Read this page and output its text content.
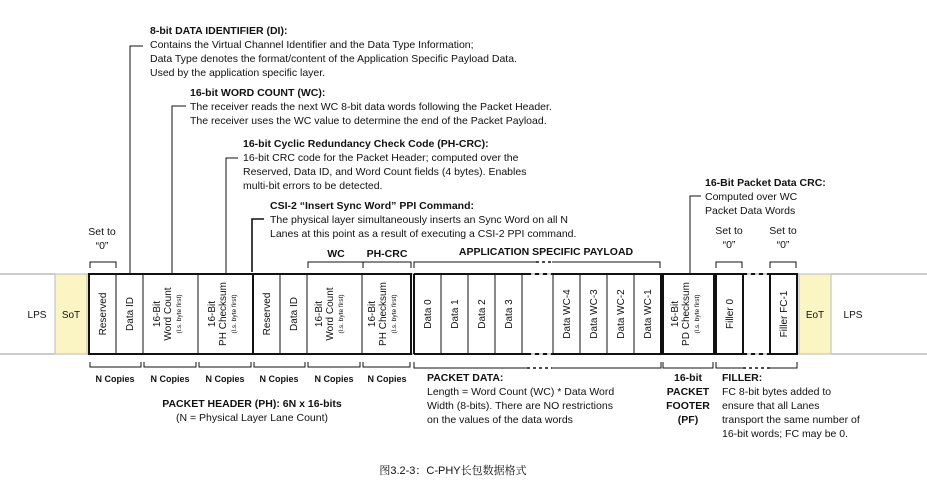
8-bit DATA IDENTIFIER (DI):
Contains the Virtual Channel Identifier and the Data Type Information;
Data Type denotes the format/content of the Application Specific Payload Data.
Used by the application specific layer.
16-bit WORD COUNT (WC):
The receiver reads the next WC 8-bit data words following the Packet Header.
The receiver uses the WC value to determine the end of the Packet Payload.
16-bit Cyclic Redundancy Check Code (PH-CRC):
16-bit CRC code for the Packet Header; computed over the
Reserved, Data ID, and Word Count fields (4 bytes). Enables
multi-bit errors to be detected.
CSI-2 “Insert Sync Word” PPI Command:
The physical layer simultaneously inserts an Sync Word on all N
Lanes at this point as a result of executing a CSI-2 PPI command.
16-Bit Packet Data CRC:
Computed over WC
Packet Data Words
Set to
“0”
Set to
“0”
Set to
“0”
WC PH-CRC	APPLICATION SPECIFIC PAYLOAD
LPS SoT Reserved Data ID 16-Bit Word Count (l.s. byte first) 16-Bit PH Checksum (l.s. byte first) Reserved Data ID 16-Bit Word Count (l.s. byte first) 16-Bit PH Checksum (l.s. byte first)	Data 0 Data 1 Data 2 Data 3	Data WC-4 Data WC-3 Data WC-2 Data WC-1 16-Bit PD Checksum (l.s. byte first) Filler 0	Filler FC-1 EoT LPS
N Copies N Copies N Copies N Copies N Copies N Copies
PACKET HEADER (PH): 6N x 16-bits
(N = Physical Layer Lane Count)
PACKET DATA:
Length = Word Count (WC) * Data Word
Width (8-bits). There are NO restrictions
on the values of the data words
16-bit
PACKET
FOOTER
(PF)
FILLER:
FC 8-bit bytes added to
ensure that all Lanes
transport the same number of
16-bit words; FC may be 0.
图3.2-3：C-PHY长包数据格式
